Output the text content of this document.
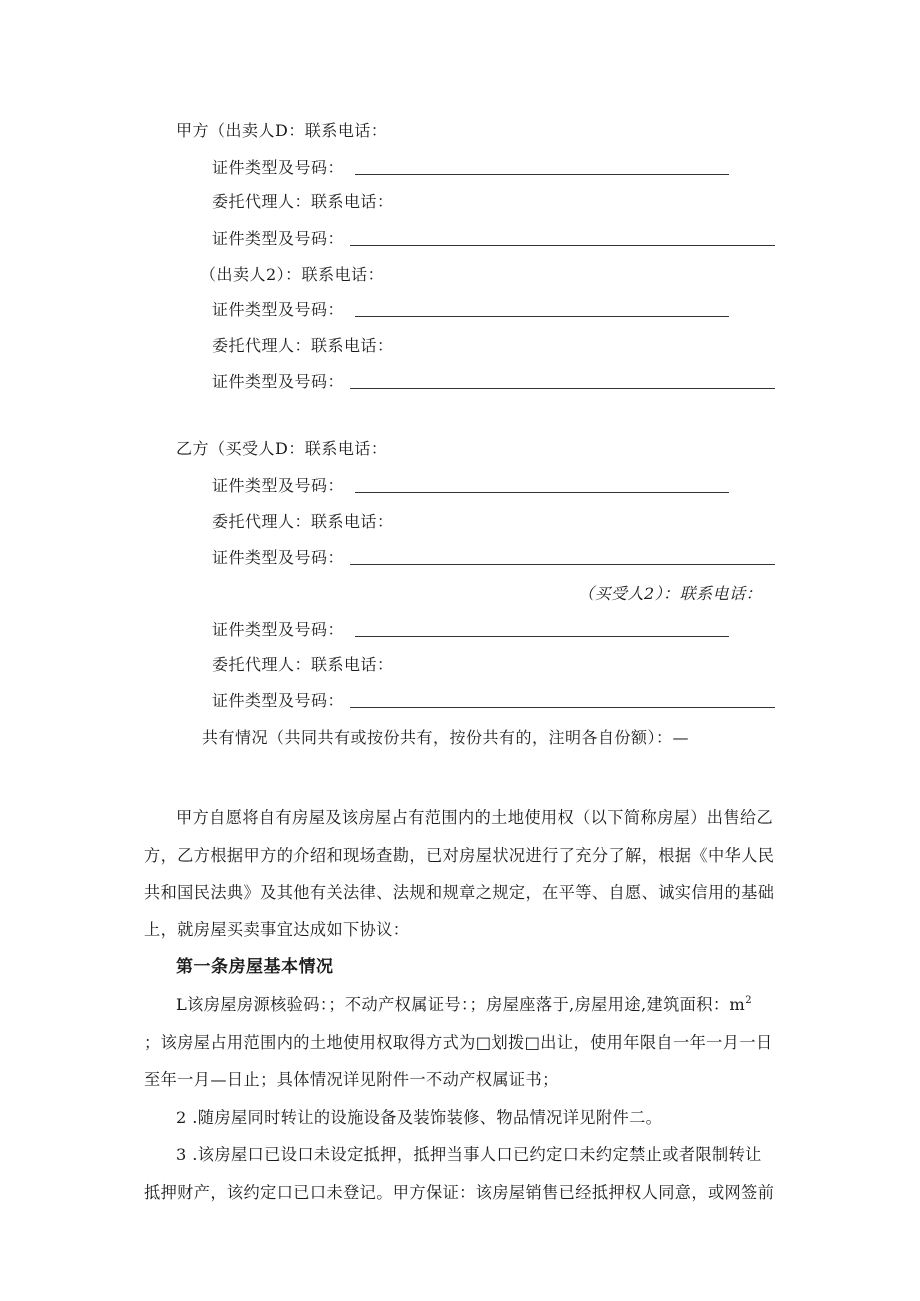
甲方（出卖人D：联系电话：
证件类型及号码：
委托代理人：联系电话：
证件类型及号码：
（出卖人2）：联系电话：
证件类型及号码：
委托代理人：联系电话：
证件类型及号码：
乙方（买受人D：联系电话：
证件类型及号码：
委托代理人：联系电话：
证件类型及号码：
（买受人2）：联系电话：
证件类型及号码：
委托代理人：联系电话：
证件类型及号码：
共有情况（共同共有或按份共有，按份共有的，注明各自份额）：—
甲方自愿将自有房屋及该房屋占有范围内的土地使用权（以下简称房屋）出售给乙
方，乙方根据甲方的介绍和现场查勘，已对房屋状况进行了充分了解，根据《中华人民
共和国民法典》及其他有关法律、法规和规章之规定，在平等、自愿、诚实信用的基础
上，就房屋买卖事宜达成如下协议：
第一条房屋基本情况
L该房屋房源核验码：；不动产权属证号：；房屋座落于,房屋用途,建筑面积：$m^2$
；该房屋占用范围内的土地使用权取得方式为□划拨□出让，使用年限自一年一月一日
至年一月—日止；具体情况详见附件一不动产权属证书；
2 .随房屋同时转让的设施设备及装饰装修、物品情况详见附件二。
3 .该房屋口已设口未设定抵押，抵押当事人口已约定口未约定禁止或者限制转让
抵押财产，该约定口已口未登记。甲方保证：该房屋销售已经抵押权人同意，或网签前
